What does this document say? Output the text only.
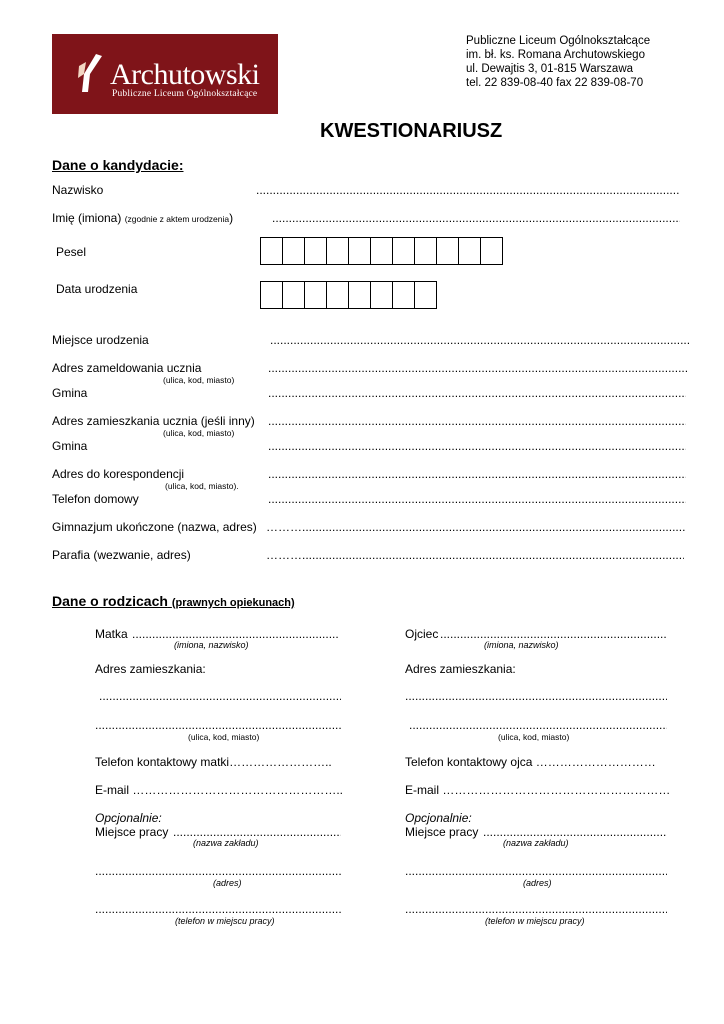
Archutowski
Publiczne Liceum Ogólnokształcące
Publiczne Liceum Ogólnokształcące
im. bł. ks. Romana Archutowskiego
ul. Dewajtis 3, 01-815 Warszawa
tel. 22 839-08-40 fax 22 839-08-70
KWESTIONARIUSZ
Dane o kandydacie:
Nazwisko
.....
Imię (imiona) (zgodnie z aktem urodzenia)
.....
Pesel
Data urodzenia
Miejsce urodzenia
.....
Adres zameldowania ucznia
.....
(ulica, kod, miasto)
Gmina
.....
Adres zamieszkania ucznia (jeśli inny)
.....
(ulica, kod, miasto)
Gmina
.....
Adres do korespondencji
.....
(ulica, kod, miasto).
Telefon domowy
.....
Gimnazjum ukończone (nazwa, adres) ………
.....
Parafia (wezwanie, adres)	………
.....
Dane o rodzicach (prawnych opiekunach)
Matka
.....
(imiona, nazwisko)
Adres zamieszkania:
.....
.....
(ulica, kod, miasto)
Telefon kontaktowy matki……………………..
E-mail ……………………………………………..
Opcjonalnie:
Miejsce pracy
.....
(nazwa zakładu)
.....
(adres)
.....
(telefon w miejscu pracy)
Ojciec
.....
(imiona, nazwisko)
Adres zamieszkania:
.....
.....
(ulica, kod, miasto)
Telefon kontaktowy ojca …………………………
E-mail …………………………………………………
Opcjonalnie:
Miejsce pracy
.....
(nazwa zakładu)
.....
(adres)
.....
(telefon w miejscu pracy)
